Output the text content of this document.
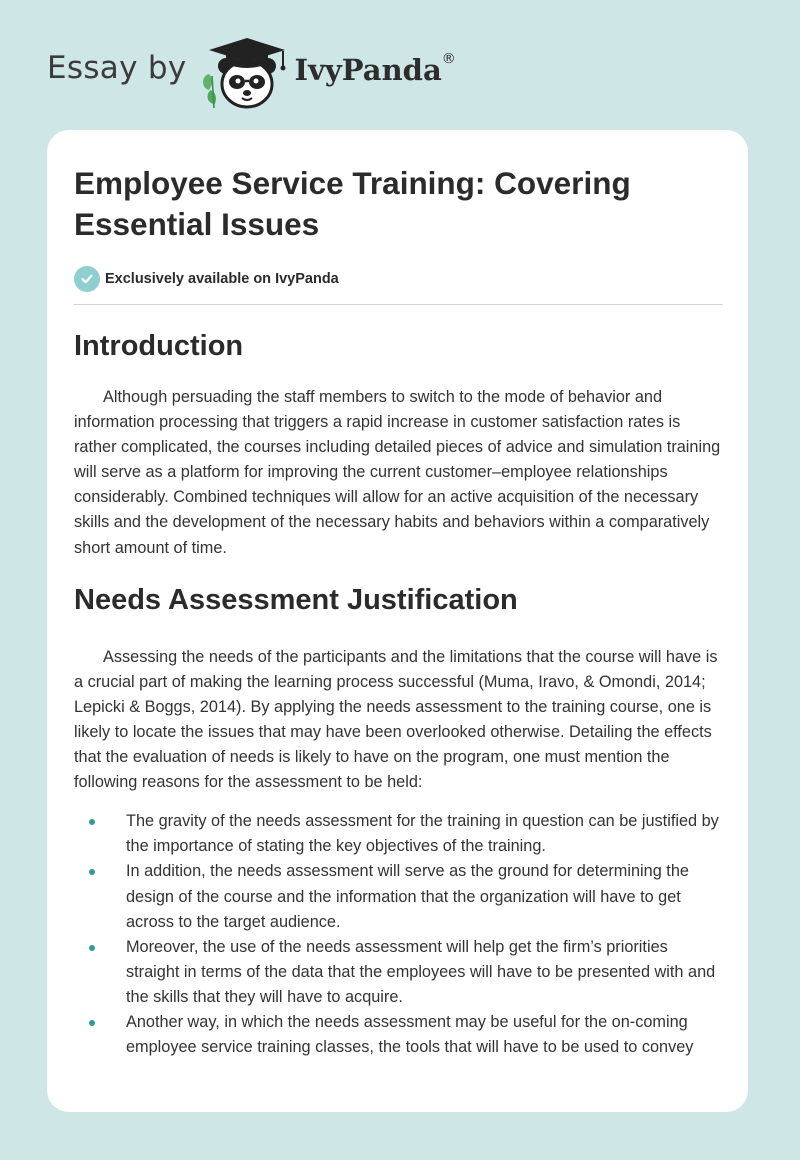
Essay by	IvyPanda®
Employee Service Training: Covering Essential Issues
Exclusively available on IvyPanda
Introduction

Although persuading the staff members to switch to the mode of behavior and information processing that triggers a rapid increase in customer satisfaction rates is rather complicated, the courses including detailed pieces of advice and simulation training will serve as a platform for improving the current customer–employee relationships considerably. Combined techniques will allow for an active acquisition of the necessary skills and the development of the necessary habits and behaviors within a comparatively short amount of time.

Needs Assessment Justification

Assessing the needs of the participants and the limitations that the course will have is a crucial part of making the learning process successful (Muma, Iravo, & Omondi, 2014; Lepicki & Boggs, 2014). By applying the needs assessment to the training course, one is likely to locate the issues that may have been overlooked otherwise. Detailing the effects that the evaluation of needs is likely to have on the program, one must mention the following reasons for the assessment to be held:

The gravity of the needs assessment for the training in question can be justified by the importance of stating the key objectives of the training.
In addition, the needs assessment will serve as the ground for determining the design of the course and the information that the organization will have to get across to the target audience.
Moreover, the use of the needs assessment will help get the firm’s priorities straight in terms of the data that the employees will have to be presented with and the skills that they will have to acquire.
Another way, in which the needs assessment may be useful for the on-coming employee service training classes, the tools that will have to be used to convey
